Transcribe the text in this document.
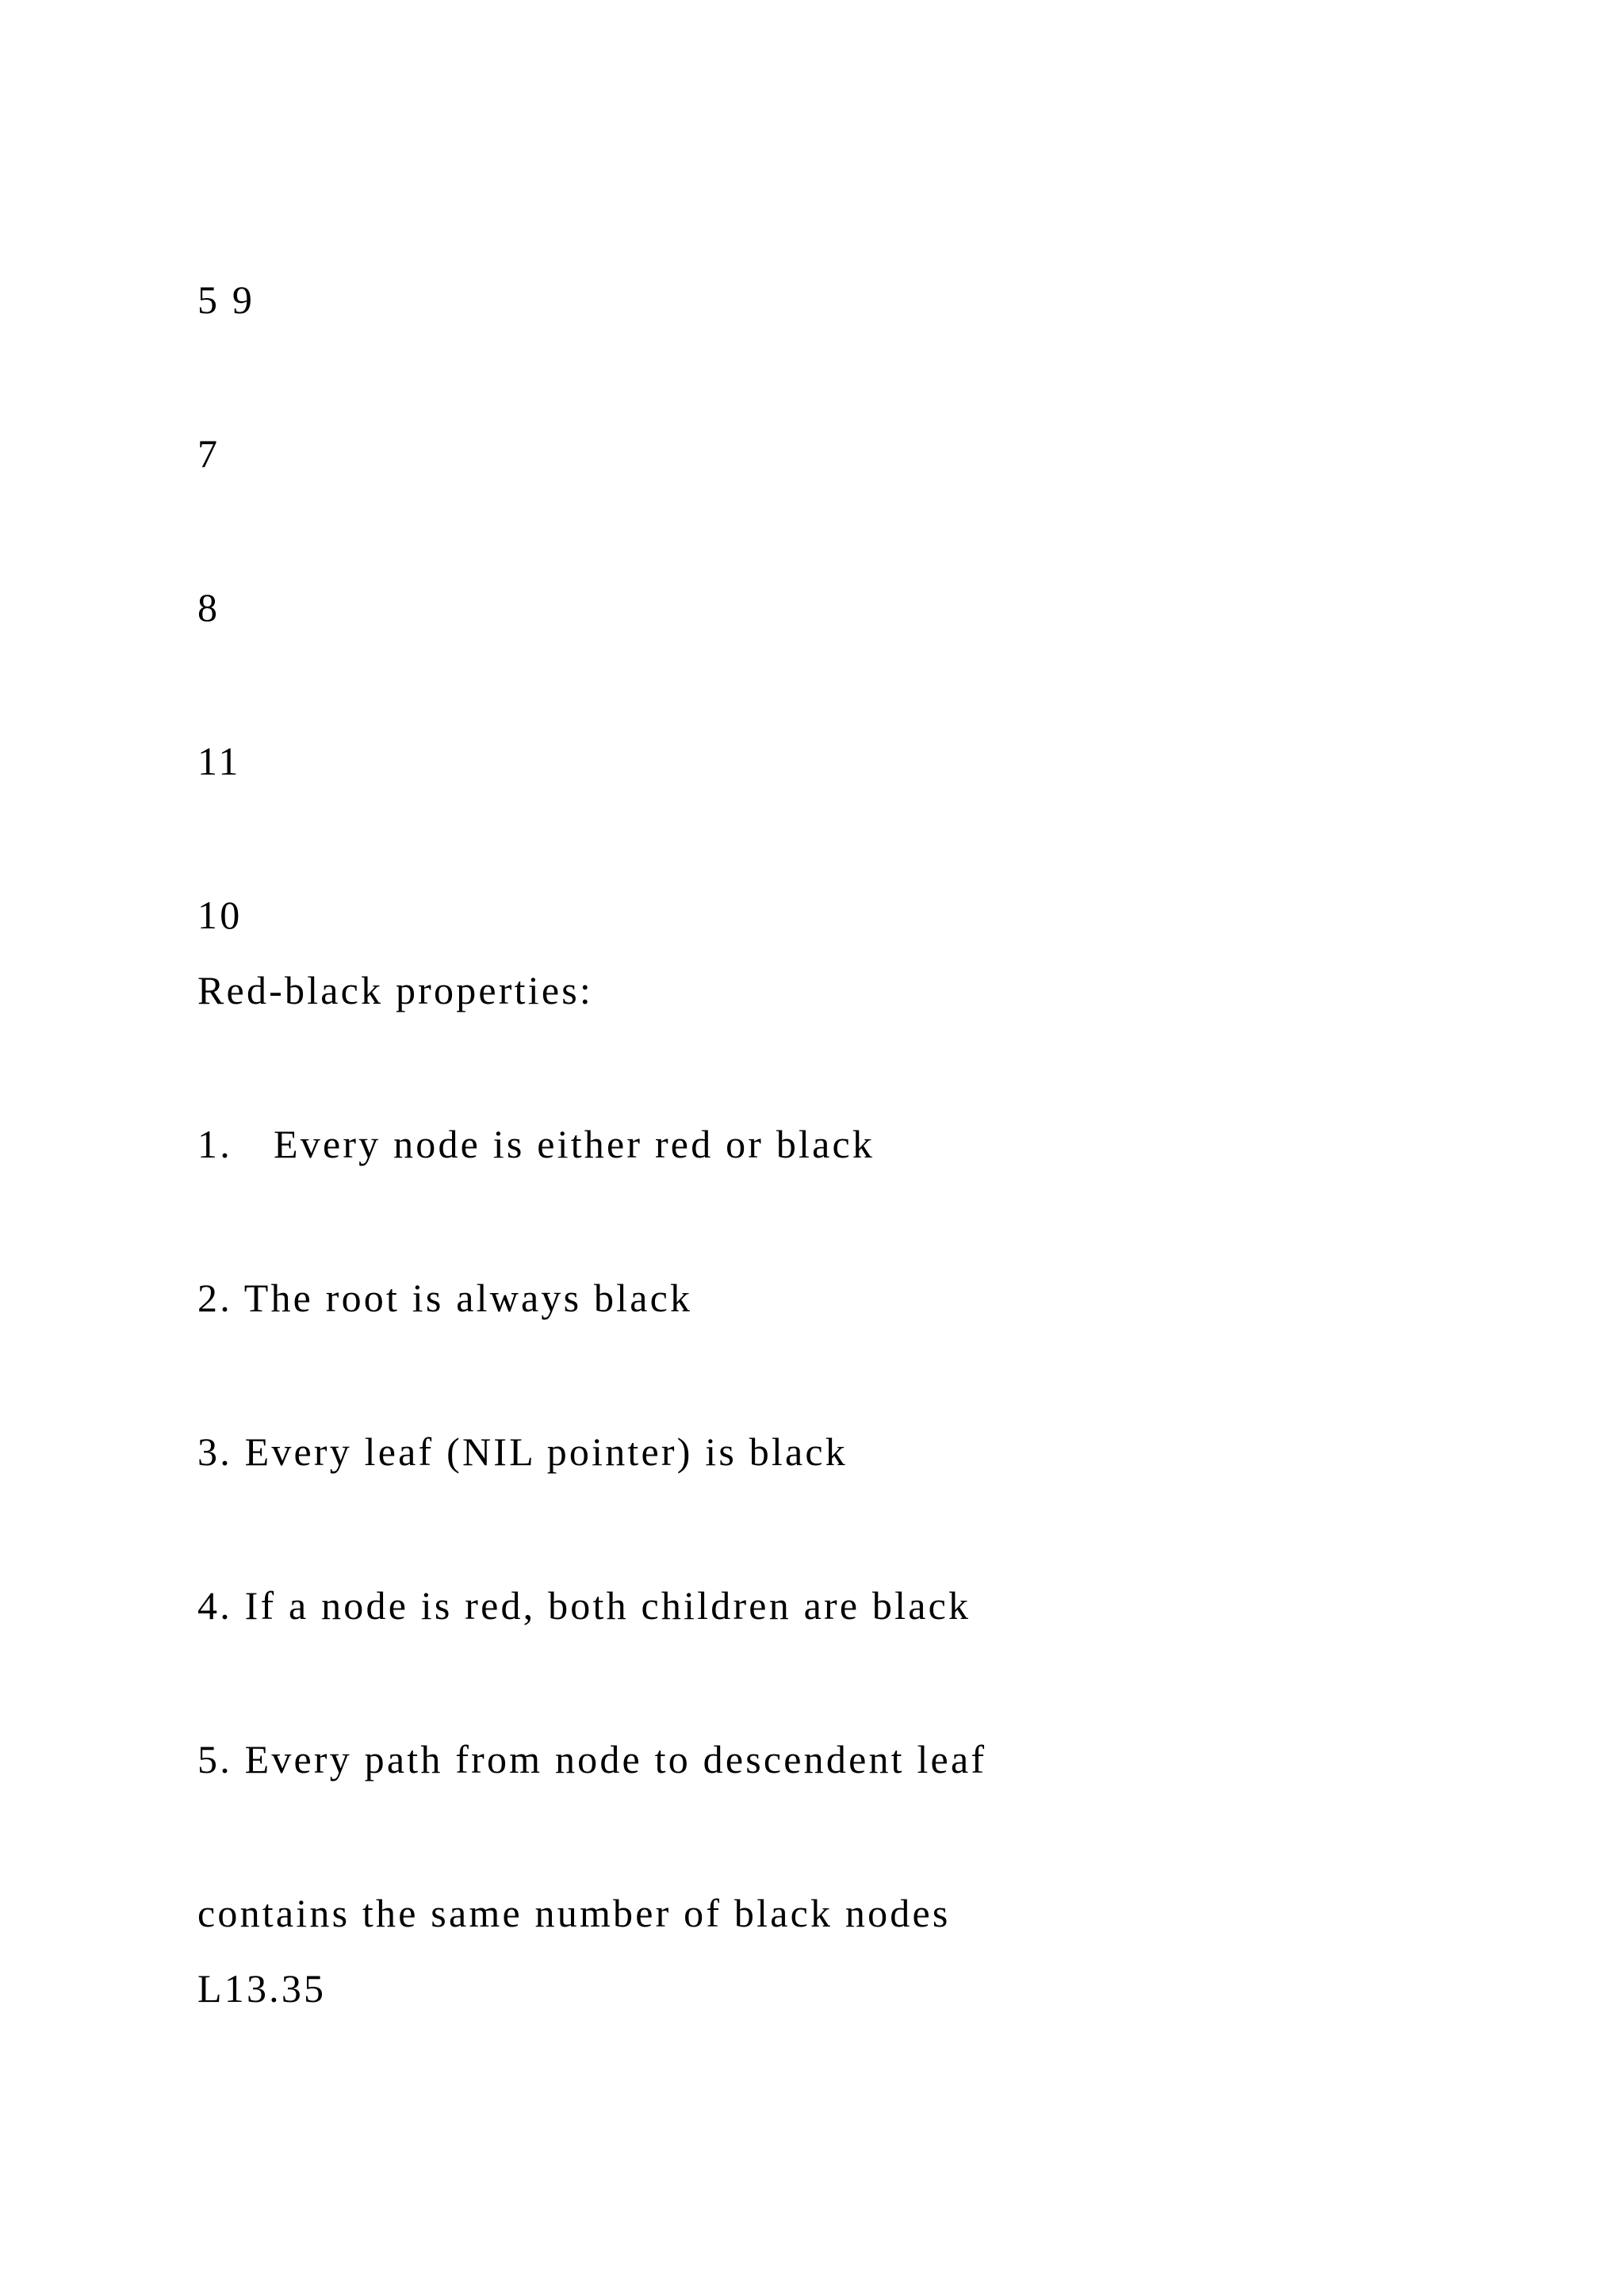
5 9

7

8

11

10

Red-black properties:

1. Every node is either red or black

2. The root is always black

3. Every leaf (NIL pointer) is black

4. If a node is red, both children are black

5. Every path from node to descendent leaf

contains the same number of black nodes

L13.35
